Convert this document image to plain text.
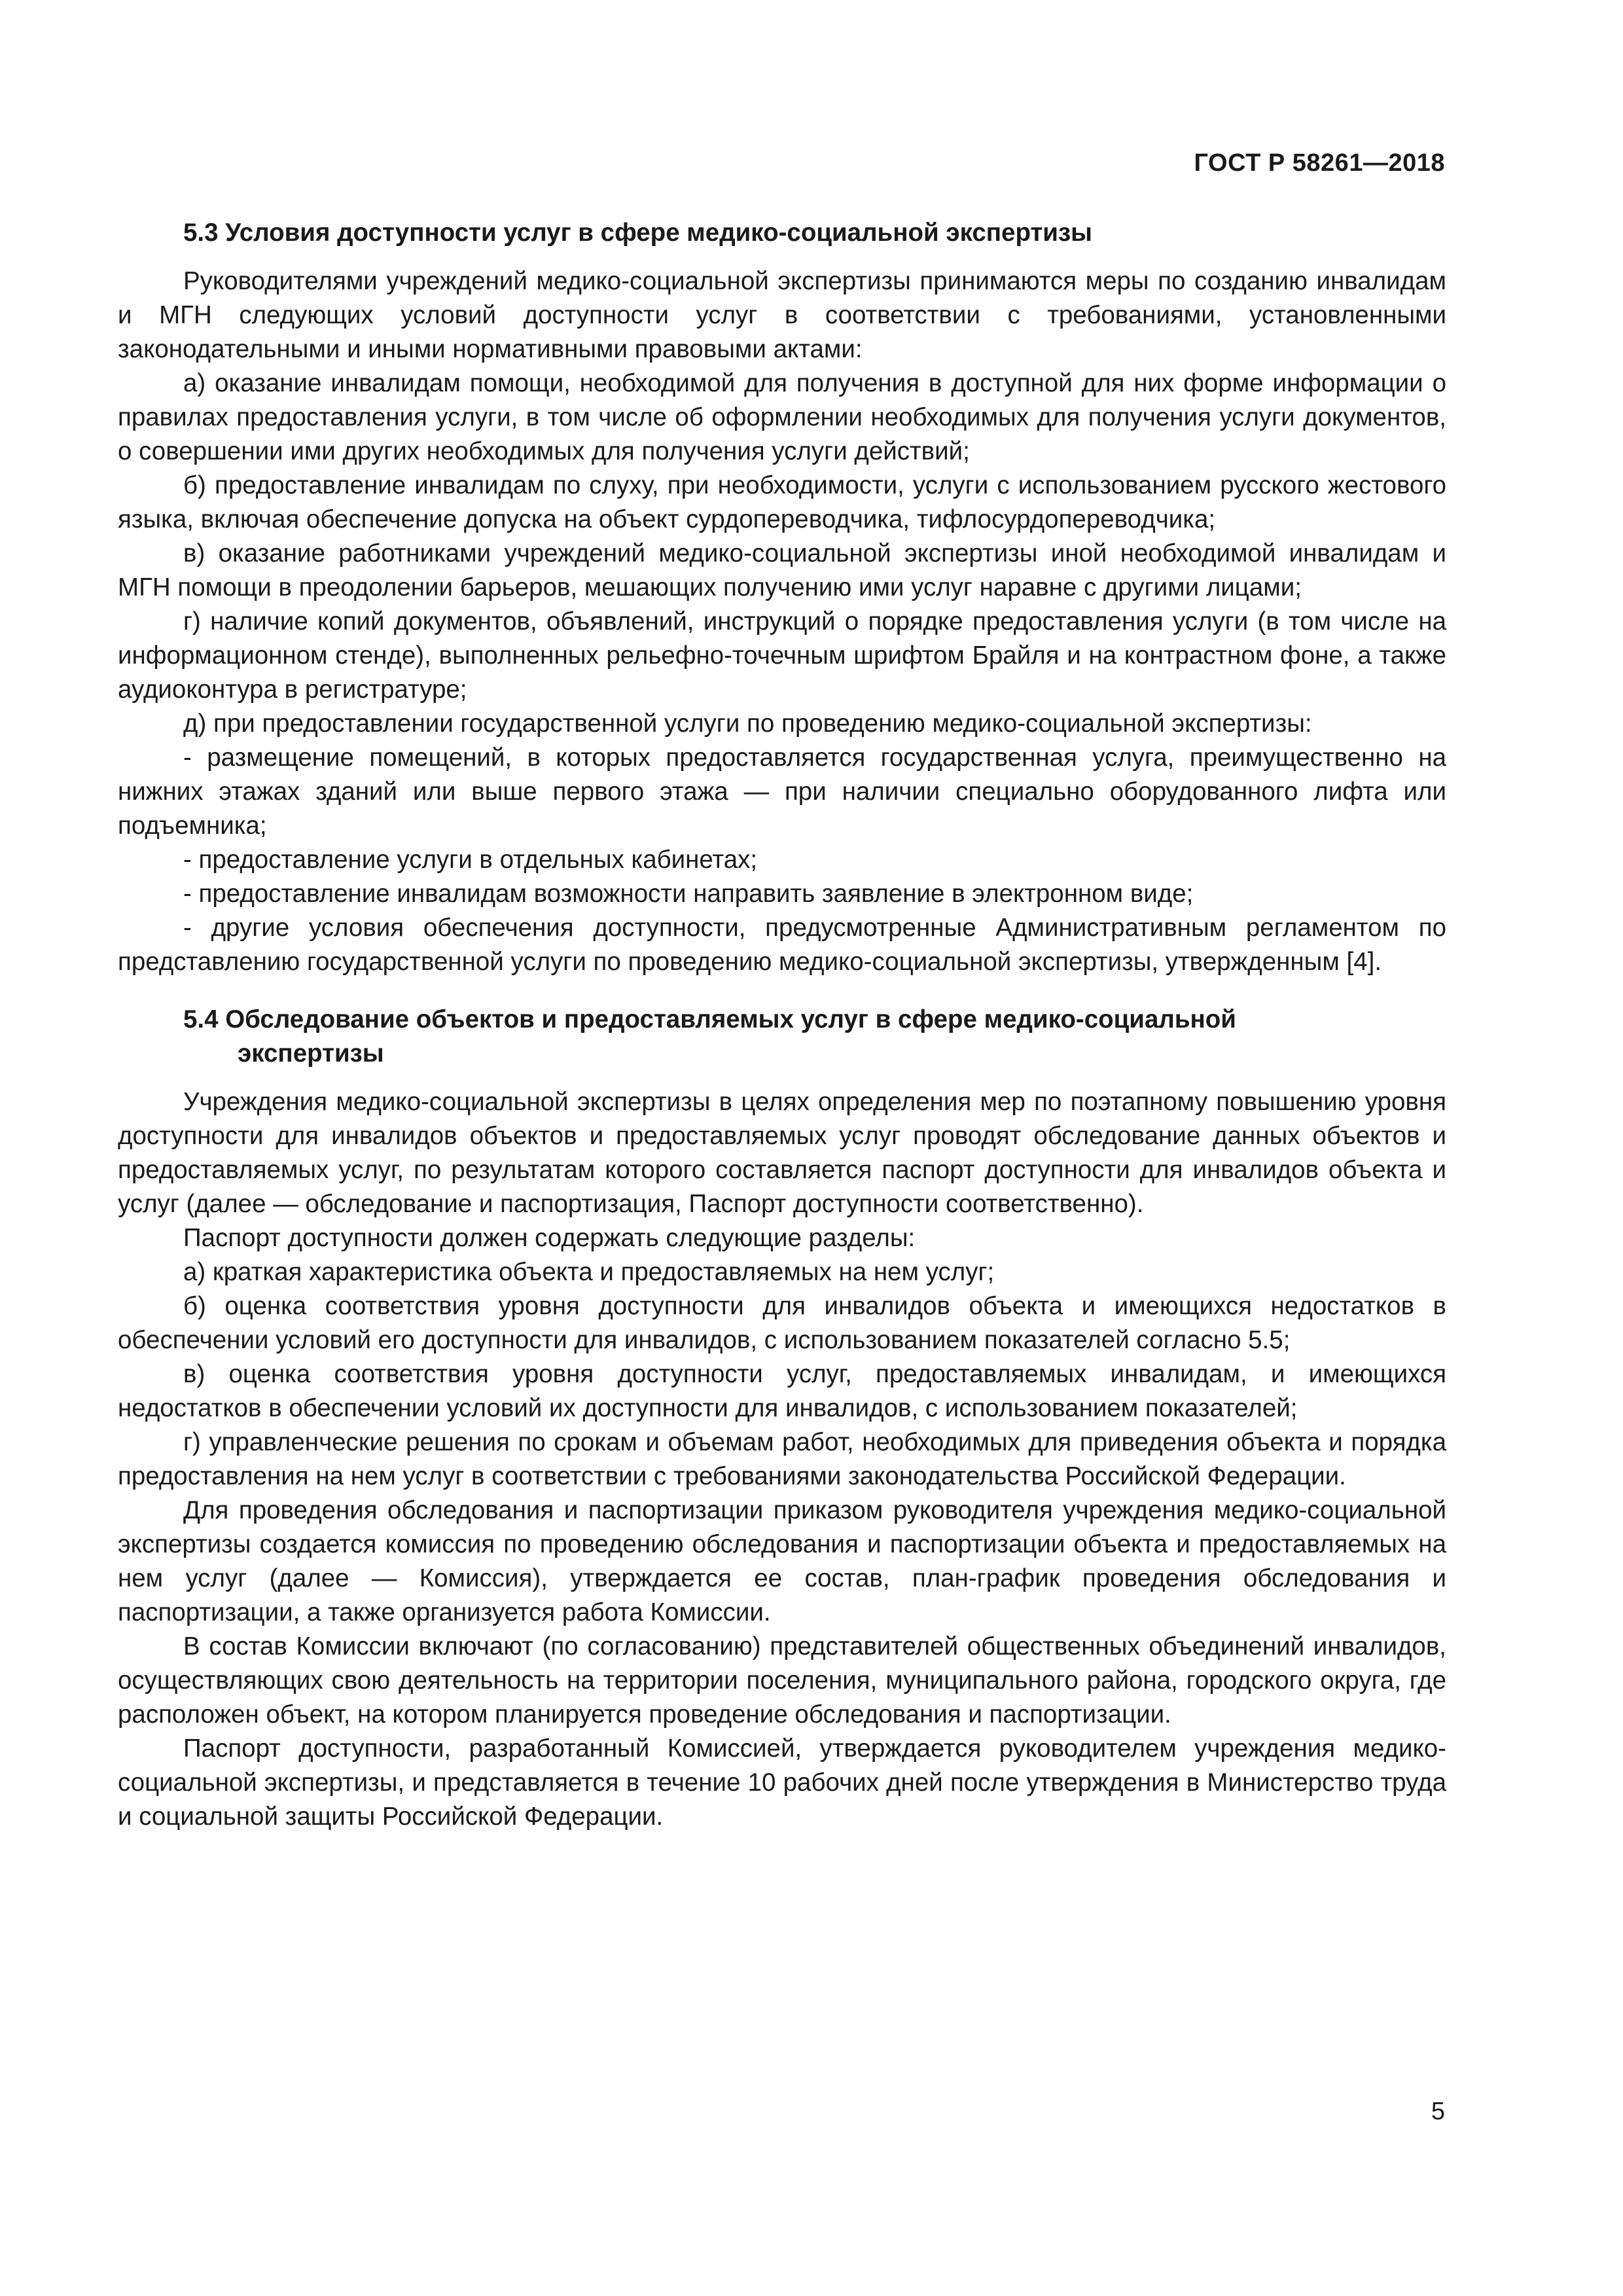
ГОСТ Р 58261—2018
5.3 Условия доступности услуг в сфере медико-социальной экспертизы

Руководителями учреждений медико-социальной экспертизы принимаются меры по созданию инвалидам и МГН следующих условий доступности услуг в соответствии с требованиями, установленными законодательными и иными нормативными правовыми актами:

а) оказание инвалидам помощи, необходимой для получения в доступной для них форме информации о правилах предоставления услуги, в том числе об оформлении необходимых для получения услуги документов, о совершении ими других необходимых для получения услуги действий;

б) предоставление инвалидам по слуху, при необходимости, услуги с использованием русского жестового языка, включая обеспечение допуска на объект сурдопереводчика, тифлосурдопереводчика;

в) оказание работниками учреждений медико-социальной экспертизы иной необходимой инвалидам и МГН помощи в преодолении барьеров, мешающих получению ими услуг наравне с другими лицами;

г) наличие копий документов, объявлений, инструкций о порядке предоставления услуги (в том числе на информационном стенде), выполненных рельефно-точечным шрифтом Брайля и на контрастном фоне, а также аудиоконтура в регистратуре;

д) при предоставлении государственной услуги по проведению медико-социальной экспертизы:

- размещение помещений, в которых предоставляется государственная услуга, преимущественно на нижних этажах зданий или выше первого этажа — при наличии специально оборудованного лифта или подъемника;

- предоставление услуги в отдельных кабинетах;

- предоставление инвалидам возможности направить заявление в электронном виде;

- другие условия обеспечения доступности, предусмотренные Административным регламентом по представлению государственной услуги по проведению медико-социальной экспертизы, утвержденным [4].

5.4 Обследование объектов и предоставляемых услуг в сфере медико-социальной
экспертизы

Учреждения медико-социальной экспертизы в целях определения мер по поэтапному повышению уровня доступности для инвалидов объектов и предоставляемых услуг проводят обследование данных объектов и предоставляемых услуг, по результатам которого составляется паспорт доступности для инвалидов объекта и услуг (далее — обследование и паспортизация, Паспорт доступности соответственно).

Паспорт доступности должен содержать следующие разделы:

а) краткая характеристика объекта и предоставляемых на нем услуг;

б) оценка соответствия уровня доступности для инвалидов объекта и имеющихся недостатков в обеспечении условий его доступности для инвалидов, с использованием показателей согласно 5.5;

в) оценка соответствия уровня доступности услуг, предоставляемых инвалидам, и имеющихся недостатков в обеспечении условий их доступности для инвалидов, с использованием показателей;

г) управленческие решения по срокам и объемам работ, необходимых для приведения объекта и порядка предоставления на нем услуг в соответствии с требованиями законодательства Российской Федерации.

Для проведения обследования и паспортизации приказом руководителя учреждения медико-социальной экспертизы создается комиссия по проведению обследования и паспортизации объекта и предоставляемых на нем услуг (далее — Комиссия), утверждается ее состав, план-график проведения обследования и паспортизации, а также организуется работа Комиссии.

В состав Комиссии включают (по согласованию) представителей общественных объединений инвалидов, осуществляющих свою деятельность на территории поселения, муниципального района, городского округа, где расположен объект, на котором планируется проведение обследования и паспортизации.

Паспорт доступности, разработанный Комиссией, утверждается руководителем учреждения медико-социальной экспертизы, и представляется в течение 10 рабочих дней после утверждения в Министерство труда и социальной защиты Российской Федерации.

5
